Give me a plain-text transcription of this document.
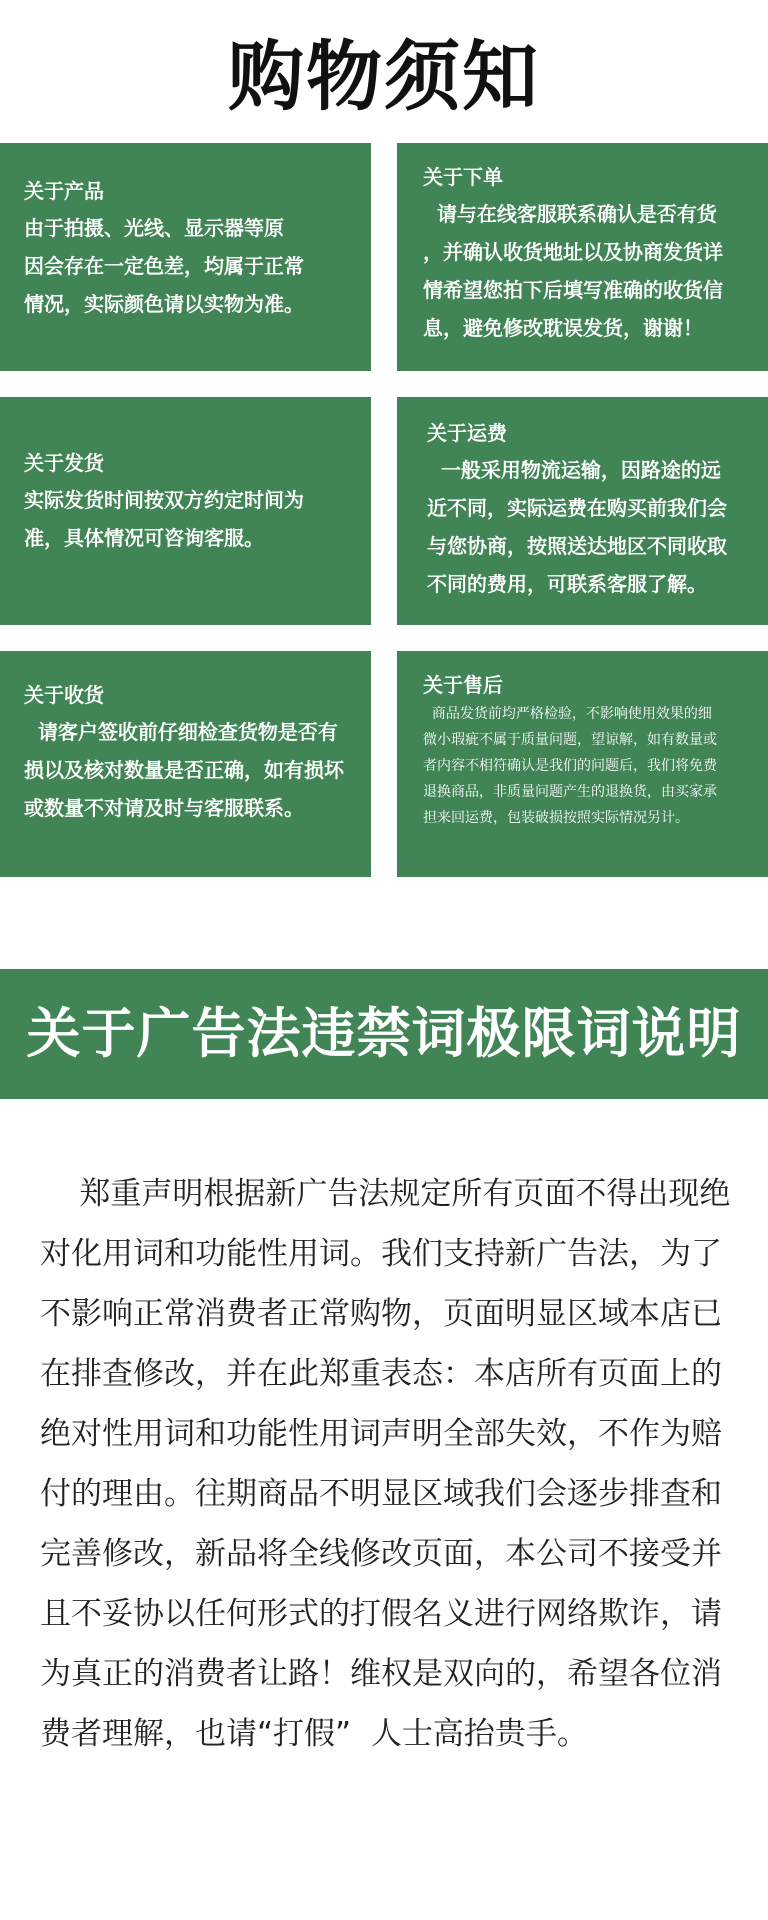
购物须知
关于产品
由于拍摄、光线、显示器等原
因会存在一定色差，均属于正常
情况，实际颜色请以实物为准。
关于下单
请与在线客服联系确认是否有货
，并确认收货地址以及协商发货详
情希望您拍下后填写准确的收货信
息，避免修改耽误发货，谢谢！
关于发货
实际发货时间按双方约定时间为
准，具体情况可咨询客服。
关于运费
一般采用物流运输，因路途的远
近不同，实际运费在购买前我们会
与您协商，按照送达地区不同收取
不同的费用，可联系客服了解。
关于收货
请客户签收前仔细检查货物是否有
损以及核对数量是否正确，如有损坏
或数量不对请及时与客服联系。
关于售后
商品发货前均严格检验，不影响使用效果的细
微小瑕疵不属于质量问题，望谅解，如有数量或
者内容不相符确认是我们的问题后，我们将免费
退换商品，非质量问题产生的退换货，由买家承
担来回运费，包装破损按照实际情况另计。
关于广告法违禁词极限词说明
郑重声明根据新广告法规定所有页面不得出现绝对化用词和功能性用词。我们支持新广告法，为了不影响正常消费者正常购物，页面明显区域本店已在排查修改，并在此郑重表态：本店所有页面上的绝对性用词和功能性用词声明全部失效，不作为赔付的理由。往期商品不明显区域我们会逐步排查和完善修改，新品将全线修改页面，本公司不接受并且不妥协以任何形式的打假名义进行网络欺诈，请为真正的消费者让路！维权是双向的，希望各位消费者理解，也请“打假”  人士高抬贵手。
